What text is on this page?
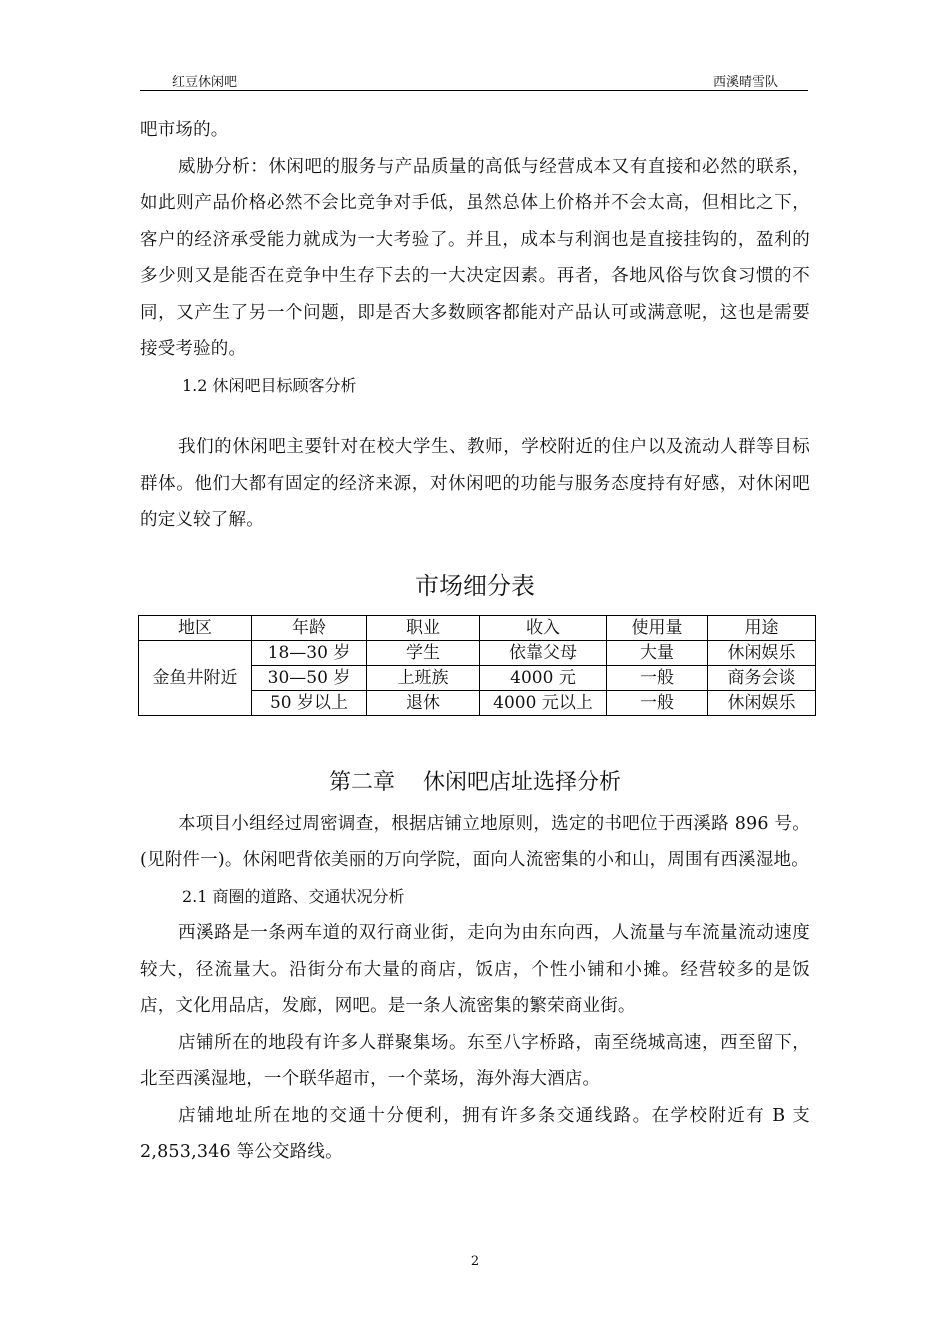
红豆休闲吧	西溪晴雪队

吧市场的。

威胁分析：休闲吧的服务与产品质量的高低与经营成本又有直接和必然的联系，如此则产品价格必然不会比竞争对手低，虽然总体上价格并不会太高，但相比之下，客户的经济承受能力就成为一大考验了。并且，成本与利润也是直接挂钩的，盈利的多少则又是能否在竞争中生存下去的一大决定因素。再者，各地风俗与饮食习惯的不同，又产生了另一个问题，即是否大多数顾客都能对产品认可或满意呢，这也是需要接受考验的。

1.2 休闲吧目标顾客分析

我们的休闲吧主要针对在校大学生、教师，学校附近的住户以及流动人群等目标群体。他们大都有固定的经济来源，对休闲吧的功能与服务态度持有好感，对休闲吧的定义较了解。

市场细分表
地区	年龄	职业	收入	使用量	用途
金鱼井附近	18—30 岁	学生	依靠父母	大量	休闲娱乐
	30—50 岁	上班族	4000 元	一般	商务会谈
	50 岁以上	退休	4000 元以上	一般	休闲娱乐
第二章    休闲吧店址选择分析

本项目小组经过周密调查，根据店铺立地原则，选定的书吧位于西溪路 896 号。(见附件一)。休闲吧背依美丽的万向学院，面向人流密集的小和山，周围有西溪湿地。

2.1 商圈的道路、交通状况分析

西溪路是一条两车道的双行商业街，走向为由东向西，人流量与车流量流动速度较大，径流量大。沿街分布大量的商店，饭店，个性小铺和小摊。经营较多的是饭店，文化用品店，发廊，网吧。是一条人流密集的繁荣商业街。

店铺所在的地段有许多人群聚集场。东至八字桥路，南至绕城高速，西至留下，北至西溪湿地，一个联华超市，一个菜场，海外海大酒店。

店铺地址所在地的交通十分便利，拥有许多条交通线路。在学校附近有 B 支2,853,346 等公交路线。

2
